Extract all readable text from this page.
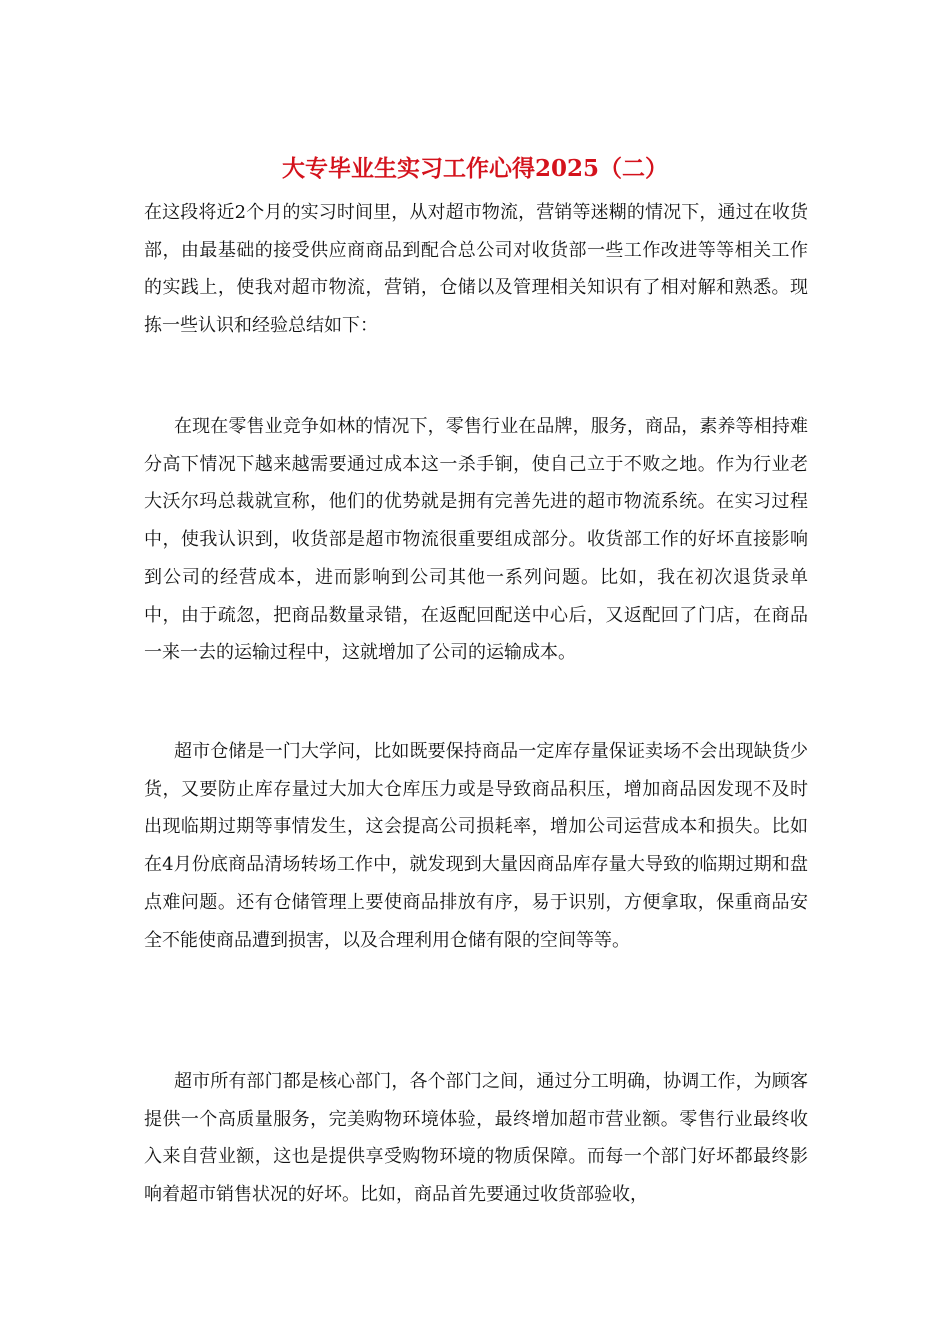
大专毕业生实习工作心得2025（二）

在这段将近2个月的实习时间里，从对超市物流，营销等迷糊的情况下，通过在收货部，由最基础的接受供应商商品到配合总公司对收货部一些工作改进等等相关工作的实践上，使我对超市物流，营销，仓储以及管理相关知识有了相对解和熟悉。现拣一些认识和经验总结如下：

在现在零售业竞争如林的情况下，零售行业在品牌，服务，商品，素养等相持难分高下情况下越来越需要通过成本这一杀手锏，使自己立于不败之地。作为行业老大沃尔玛总裁就宣称，他们的优势就是拥有完善先进的超市物流系统。在实习过程中，使我认识到，收货部是超市物流很重要组成部分。收货部工作的好坏直接影响到公司的经营成本，进而影响到公司其他一系列问题。比如，我在初次退货录单中，由于疏忽，把商品数量录错，在返配回配送中心后，又返配回了门店，在商品一来一去的运输过程中，这就增加了公司的运输成本。

超市仓储是一门大学问，比如既要保持商品一定库存量保证卖场不会出现缺货少货，又要防止库存量过大加大仓库压力或是导致商品积压，增加商品因发现不及时出现临期过期等事情发生，这会提高公司损耗率，增加公司运营成本和损失。比如在4月份底商品清场转场工作中，就发现到大量因商品库存量大导致的临期过期和盘点难问题。还有仓储管理上要使商品排放有序，易于识别，方便拿取，保重商品安全不能使商品遭到损害，以及合理利用仓储有限的空间等等。

超市所有部门都是核心部门，各个部门之间，通过分工明确，协调工作，为顾客提供一个高质量服务，完美购物环境体验，最终增加超市营业额。零售行业最终收入来自营业额，这也是提供享受购物环境的物质保障。而每一个部门好坏都最终影响着超市销售状况的好坏。比如，商品首先要通过收货部验收，
